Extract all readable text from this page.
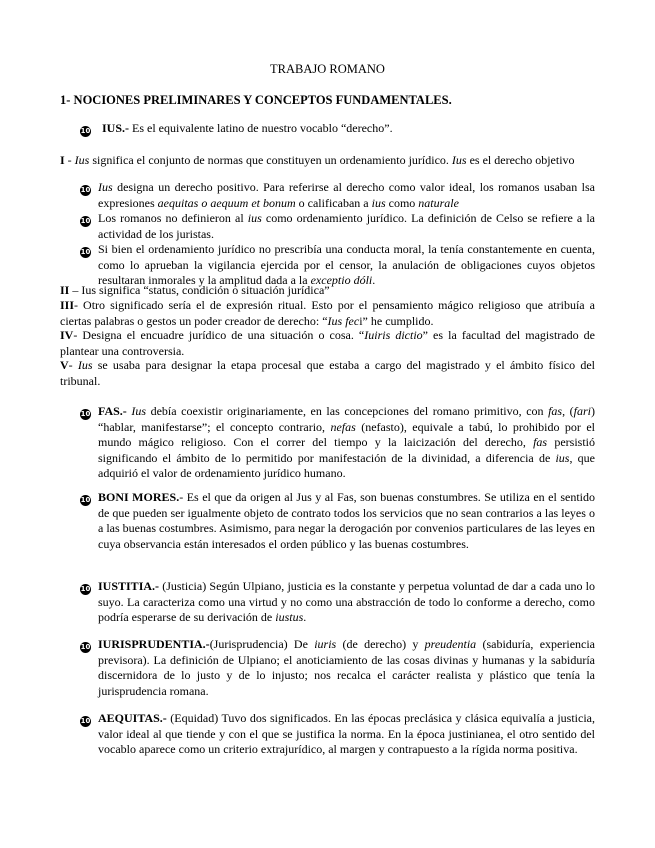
TRABAJO ROMANO
1- NOCIONES PRELIMINARES Y CONCEPTOS FUNDAMENTALES.
10 IUS.- Es el equivalente latino de nuestro vocablo “derecho”.
I - Ius significa el conjunto de normas que constituyen un ordenamiento jurídico. Ius es el derecho objetivo
10 Ius designa un derecho positivo. Para referirse al derecho como valor ideal, los romanos usaban lsa expresiones aequitas o aequum et bonum o calificaban a ius como naturale
10 Los romanos no definieron al ius como ordenamiento jurídico. La definición de Celso se refiere a la actividad de los juristas.
10 Si bien el ordenamiento jurídico no prescribía una conducta moral, la tenía constantemente en cuenta, como lo aprueban la vigilancia ejercida por el censor, la anulación de obligaciones cuyos objetos resultaran inmorales y la amplitud dada a la exceptio dóli.
II – Ius significa “status, condición o situación jurídica”
III- Otro significado sería el de expresión ritual. Esto por el pensamiento mágico religioso que atribuía a ciertas palabras o gestos un poder creador de derecho: “Ius feci” he cumplido.
IV- Designa el encuadre jurídico de una situación o cosa. “Iuiris dictio” es la facultad del magistrado de plantear una controversia.
V- Ius se usaba para designar la etapa procesal que estaba a cargo del magistrado y el ámbito físico del tribunal.
10 FAS.- Ius debía coexistir originariamente, en las concepciones del romano primitivo, con fas, (fari) “hablar, manifestarse”; el concepto contrario, nefas (nefasto), equivale a tabú, lo prohibido por el mundo mágico religioso. Con el correr del tiempo y la laicización del derecho, fas persistió significando el ámbito de lo permitido por manifestación de la divinidad, a diferencia de ius, que adquirió el valor de ordenamiento jurídico humano.
10 BONI MORES.- Es el que da origen al Jus y al Fas, son buenas constumbres. Se utiliza en el sentido de que pueden ser igualmente objeto de contrato todos los servicios que no sean contrarios a las leyes o a las buenas costumbres. Asimismo, para negar la derogación por convenios particulares de las leyes en cuya observancia están interesados el orden público y las buenas costumbres.
10 IUSTITIA.- (Justicia) Según Ulpiano, justicia es la constante y perpetua voluntad de dar a cada uno lo suyo. La caracteriza como una virtud y no como una abstracción de todo lo conforme a derecho, como podría esperarse de su derivación de iustus.
10 IURISPRUDENTIA.-(Jurisprudencia) De iuris (de derecho) y preudentia (sabiduría, experiencia previsora). La definición de Ulpiano; el anoticiamiento de las cosas divinas y humanas y la sabiduría discernidora de lo justo y de lo injusto; nos recalca el carácter realista y plástico que tenía la jurisprudencia romana.
10 AEQUITAS.- (Equidad) Tuvo dos significados. En las épocas preclásica y clásica equivalía a justicia, valor ideal al que tiende y con el que se justifica la norma. En la época justinianea, el otro sentido del vocablo aparece como un criterio extrajurídico, al margen y contrapuesto a la rígida norma positiva.
